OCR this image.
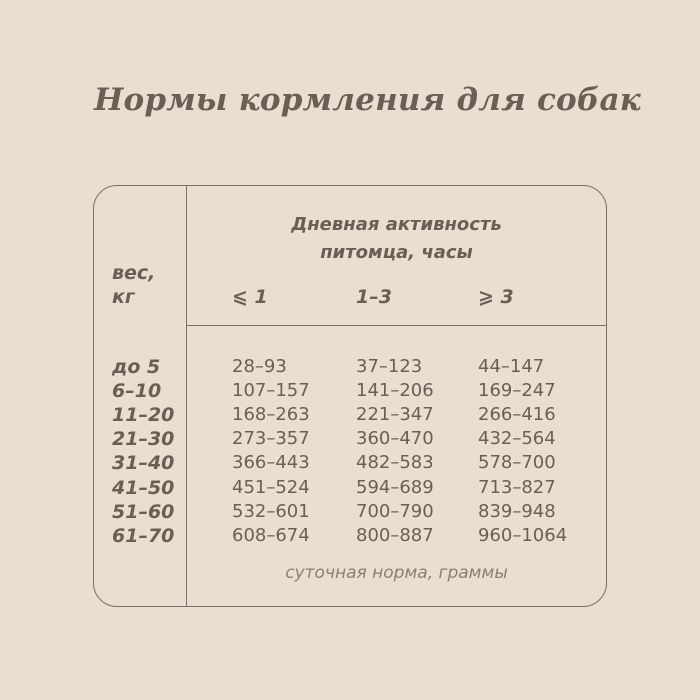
Нормы кормления для собак
вес,
кг
Дневная активность
питомца, часы
⩽ 1	1–3	⩾ 3
до 5	28–93	37–123	44–147
6–10	107–157	141–206 169–247
11–20	168–263	221–347 266–416
21–30	273–357	360–470 432–564
31–40	366–443	482–583 578–700
41–50	451–524	594–689 713–827
51–60	532–601	700–790 839–948
61–70	608–674	800–887 960–1064
суточная норма, граммы
